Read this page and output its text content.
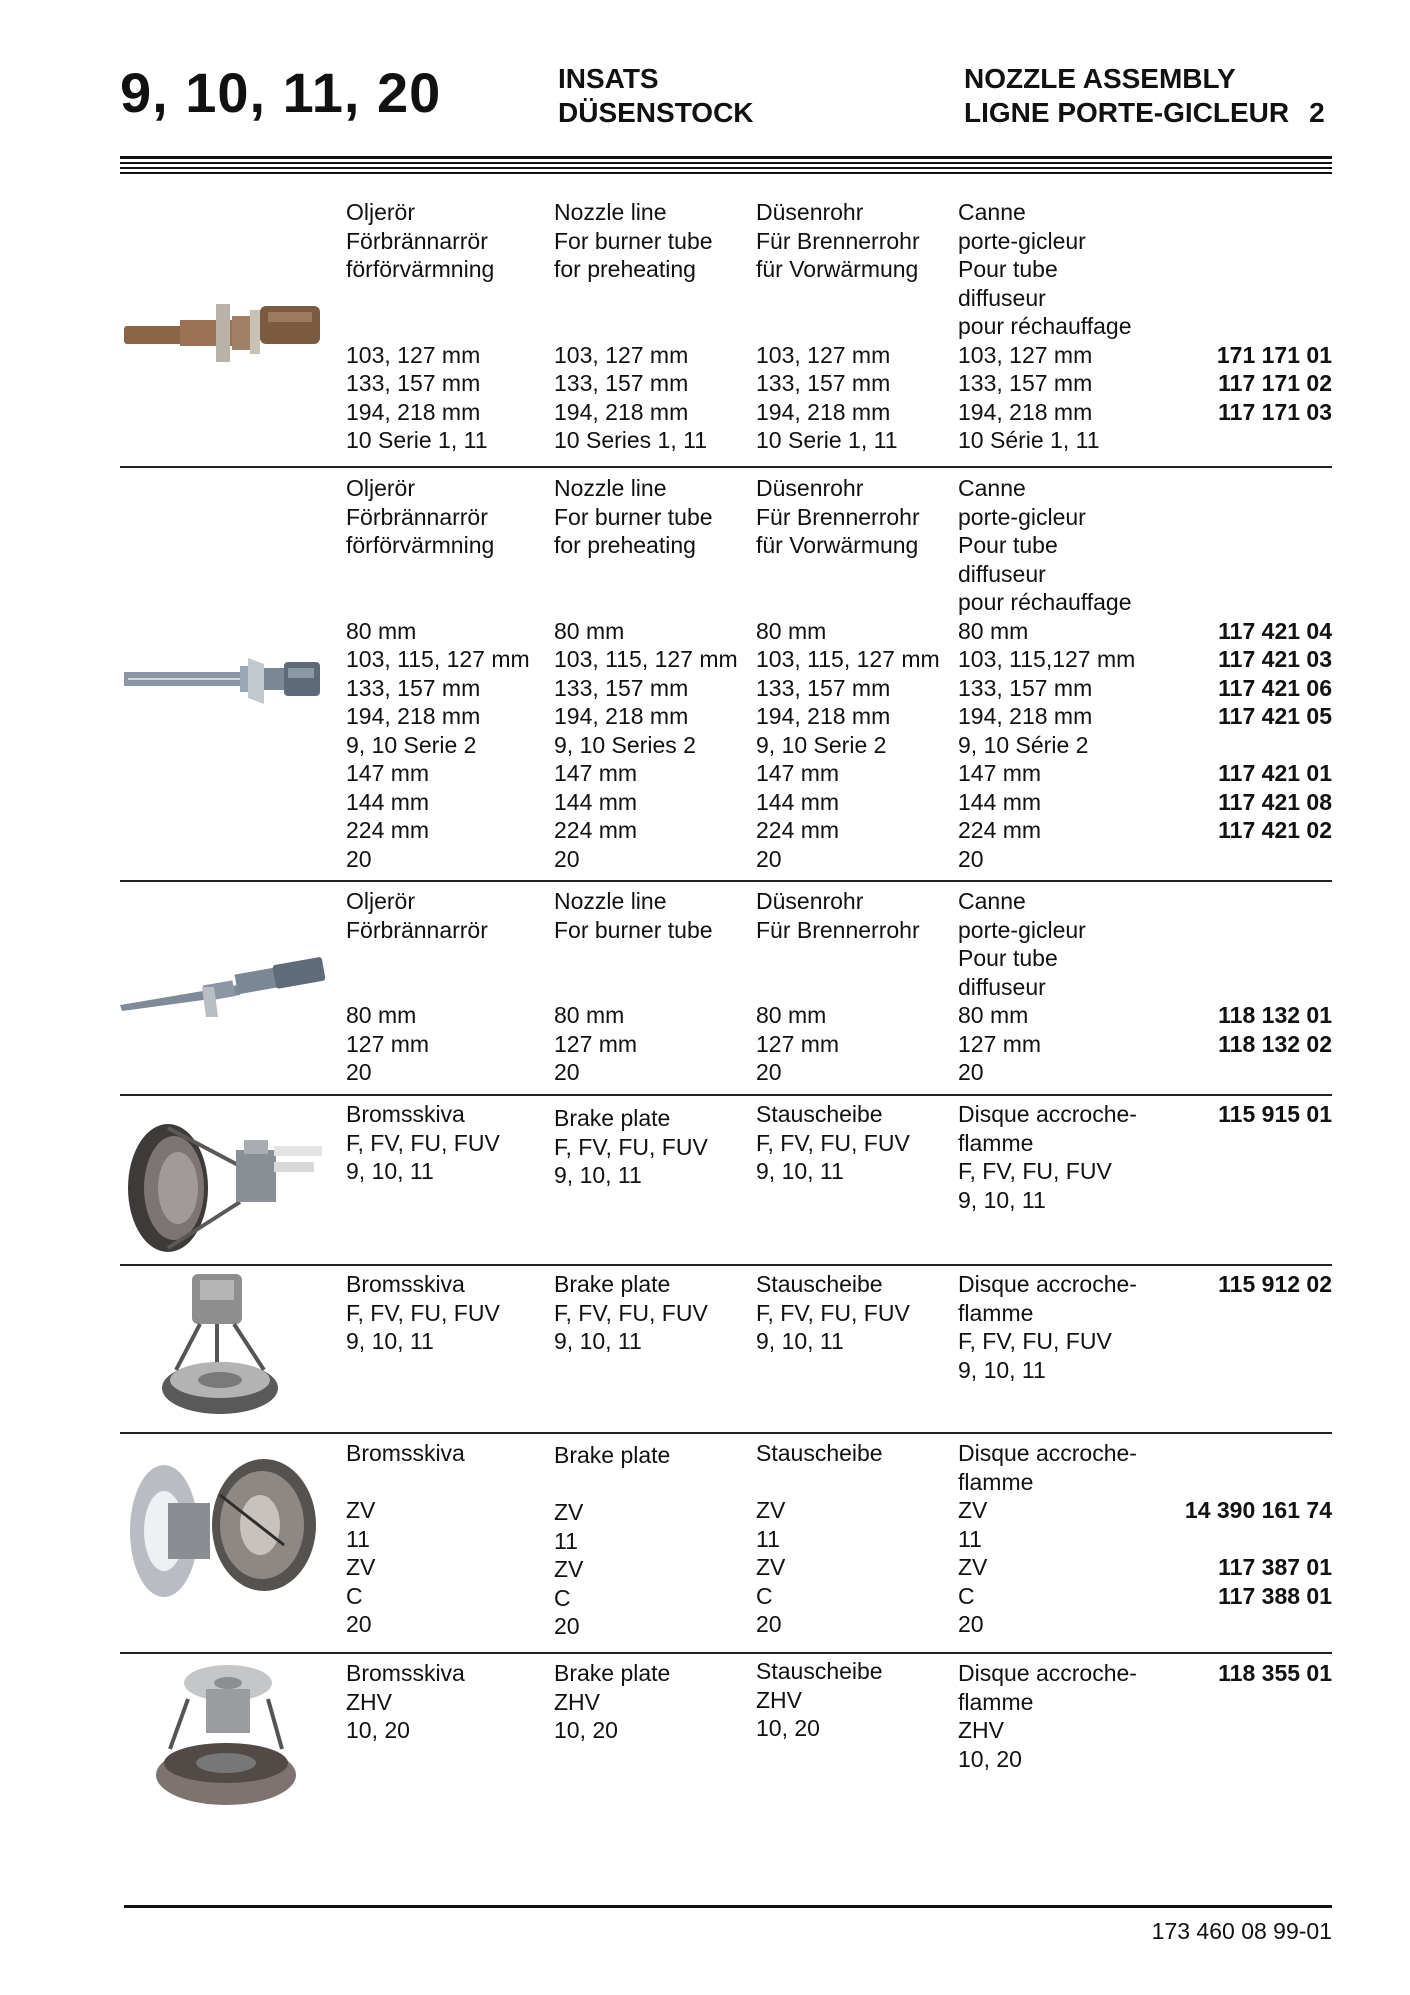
9, 10, 11, 20	INSATS
DÜSENSTOCK
NOZZLE ASSEMBLY
LIGNE PORTE-GICLEUR 2
Oljerör
Förbrännarrör
förförvärmning

103, 127 mm
133, 157 mm
194, 218 mm
10 Serie 1, 11
Nozzle line
For burner tube
for preheating

103, 127 mm
133, 157 mm
194, 218 mm
10 Series 1, 11
Düsenrohr
Für Brennerrohr
für Vorwärmung

103, 127 mm
133, 157 mm
194, 218 mm
10 Serie 1, 11
Canne
porte-gicleur
Pour tube
diffuseur
pour réchauffage
103, 127 mm
133, 157 mm
194, 218 mm
10 Série 1, 11

171 171 01
117 171 02
117 171 03
Oljerör
Förbrännarrör
förförvärmning

80 mm
103, 115, 127 mm
133, 157 mm
194, 218 mm
9, 10 Serie 2
147 mm
144 mm
224 mm
20
Nozzle line
For burner tube
for preheating

80 mm
103, 115, 127 mm
133, 157 mm
194, 218 mm
9, 10 Series 2
147 mm
144 mm
224 mm
20
Düsenrohr
Für Brennerrohr
für Vorwärmung

80 mm
103, 115, 127 mm
133, 157 mm
194, 218 mm
9, 10 Serie 2
147 mm
144 mm
224 mm
20
Canne
porte-gicleur
Pour tube
diffuseur
pour réchauffage
80 mm
103, 115,127 mm
133, 157 mm
194, 218 mm
9, 10 Série 2
147 mm
144 mm
224 mm
20

117 421 04
117 421 03
117 421 06
117 421 05

117 421 01
117 421 08
117 421 02
Oljerör
Förbrännarrör

80 mm
127 mm
20
Nozzle line
For burner tube

80 mm
127 mm
20
Düsenrohr
Für Brennerrohr

80 mm
127 mm
20
Canne
porte-gicleur
Pour tube
diffuseur
80 mm
127 mm
20

118 132 01
118 132 02
Bromsskiva
F, FV, FU, FUV
9, 10, 11
Brake plate
F, FV, FU, FUV
9, 10, 11
Stauscheibe
F, FV, FU, FUV
9, 10, 11
Disque accroche-
flamme
F, FV, FU, FUV
9, 10, 11
115 915 01
Bromsskiva
F, FV, FU, FUV
9, 10, 11
Brake plate
F, FV, FU, FUV
9, 10, 11
Stauscheibe
F, FV, FU, FUV
9, 10, 11
Disque accroche-
flamme
F, FV, FU, FUV
9, 10, 11
115 912 02
Bromsskiva

ZV
11
ZV
C
20
Brake plate

ZV
11
ZV
C
20
Stauscheibe

ZV
11
ZV
C
20
Disque accroche-
flamme
ZV
11
ZV
C
20

14 390 161 74

117 387 01
117 388 01
Bromsskiva
ZHV
10, 20
Brake plate
ZHV
10, 20
Stauscheibe
ZHV
10, 20
Disque accroche-
flamme
ZHV
10, 20
118 355 01
173 460 08 99-01
